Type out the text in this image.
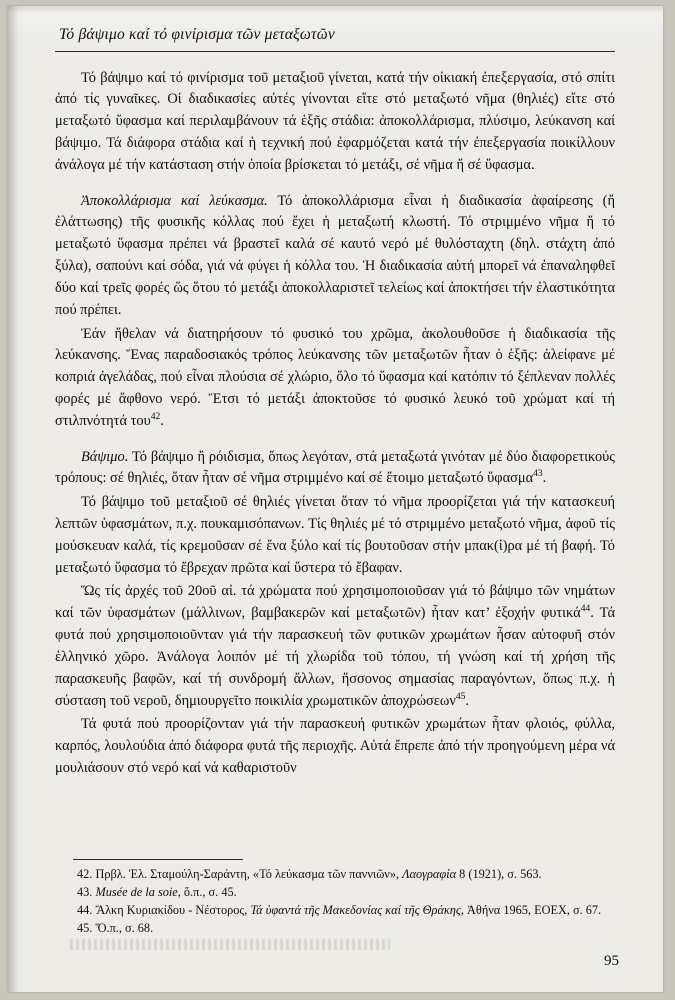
Τό βάψιμο καί τό φινίρισμα τῶν μεταξωτῶν

Τό βάψιμο καί τό φινίρισμα τοῦ μεταξιοῦ γίνεται, κατά τήν οἰκιακή ἐπεξεργασία, στό σπίτι ἀπό τίς γυναῖκες. Οἱ διαδικασίες αὐτές γίνονται εἴτε στό μεταξωτό νῆμα (θηλιές) εἴτε στό μεταξωτό ὕφασμα καί περιλαμβάνουν τά ἑξῆς στάδια: ἀποκολλάρισμα, πλύσιμο, λεύκανση καί βάψιμο. Τά διάφορα στάδια καί ἡ τεχνική πού ἐφαρμόζεται κατά τήν ἐπεξεργασία ποικίλλουν ἀνάλογα μέ τήν κατάσταση στήν ὁποία βρίσκεται τό μετάξι, σέ νῆμα ἤ σέ ὕφασμα.

Ἀποκολλάρισμα καί λεύκασμα. Τό ἀποκολλάρισμα εἶναι ἡ διαδικασία ἀφαίρεσης (ἤ ἐλάττωσης) τῆς φυσικῆς κόλλας πού ἔχει ἡ μεταξωτή κλωστή. Τό στριμμένο νῆμα ἤ τό μεταξωτό ὕφασμα πρέπει νά βραστεῖ καλά σέ καυτό νερό μέ θυλόσταχτη (δηλ. στάχτη ἀπό ξύλα), σαπούνι καί σόδα, γιά νά φύγει ἡ κόλλα του. Ἡ διαδικασία αὐτή μπορεῖ νά ἐπαναληφθεῖ δύο καί τρεῖς φορές ὥς ὅτου τό μετάξι ἀποκολλαριστεῖ τελείως καί ἀποκτήσει τήν ἐλαστικότητα πού πρέπει.

Ἐάν ἤθελαν νά διατηρήσουν τό φυσικό του χρῶμα, ἀκολουθοῦσε ἡ διαδικασία τῆς λεύκανσης. Ἕνας παραδοσιακός τρόπος λεύκανσης τῶν μεταξωτῶν ἦταν ὁ ἑξῆς: ἀλείφανε μέ κοπριά ἀγελάδας, πού εἶναι πλούσια σέ χλώριο, ὅλο τό ὕφασμα καί κατόπιν τό ξέπλεναν πολλές φορές μέ ἄφθονο νερό. Ἔτσι τό μετάξι ἀποκτοῦσε τό φυσικό λευκό τοῦ χρώματ καί τή στιλπνότητά του$^{42}$.

Βάψιμο. Τό βάψιμο ἤ ρόιδισμα, ὅπως λεγόταν, στά μεταξωτά γινόταν μέ δύο διαφορετικούς τρόπους: σέ θηλιές, ὅταν ἦταν σέ νῆμα στριμμένο καί σέ ἕτοιμο μεταξωτό ὕφασμα$^{43}$.

Τό βάψιμο τοῦ μεταξιοῦ σέ θηλιές γίνεται ὅταν τό νῆμα προορίζεται γιά τήν κατασκευή λεπτῶν ὑφασμάτων, π.χ. πουκαμισόπανων. Τίς θηλιές μέ τό στριμμένο μεταξωτό νῆμα, ἀφοῦ τίς μούσκευαν καλά, τίς κρεμοῦσαν σέ ἕνα ξύλο καί τίς βουτοῦσαν στήν μπακ(ἱ)ρα μέ τή βαφή. Τό μεταξωτό ὕφασμα τό ἔβρεχαν πρῶτα καί ὕστερα τό ἔβαφαν.

Ὥς τίς ἀρχές τοῦ 20οῦ αἰ. τά χρώματα πού χρησιμοποιοῦσαν γιά τό βάψιμο τῶν νημάτων καί τῶν ὑφασμάτων (μάλλινων, βαμβακερῶν καί μεταξωτῶν) ἦταν κατ’ ἐξοχήν φυτικά$^{44}$. Τά φυτά πού χρησιμοποιοῦνταν γιά τήν παρασκευή τῶν φυτικῶν χρωμάτων ἦσαν αὐτοφυῆ στόν ἑλληνικό χῶρο. Ἀνάλογα λοιπόν μέ τή χλωρίδα τοῦ τόπου, τή γνώση καί τή χρήση τῆς παρασκευῆς βαφῶν, καί τή συνδρομή ἄλλων, ἥσσονος σημασίας παραγόντων, ὅπως π.χ. ἡ σύσταση τοῦ νεροῦ, δημιουργεῖτο ποικιλία χρωματικῶν ἀποχρώσεων$^{45}$.

Τά φυτά πού προορίζονταν γιά τήν παρασκευή φυτικῶν χρωμάτων ἦταν φλοιός, φύλλα, καρπός, λουλούδια ἀπό διάφορα φυτά τῆς περιοχῆς. Αὐτά ἔπρεπε ἀπό τήν προηγούμενη μέρα νά μουλιάσουν στό νερό καί νά καθαριστοῦν

42. Πρβλ. Ἐλ. Σταμούλη-Σαράντη, «Τό λεύκασμα τῶν παννιῶν», Λαογραφία 8 (1921), σ. 563.

43. Musée de la soie, ὅ.π., σ. 45.

44. Ἄλκη Κυριακίδου - Νέστορος, Τά ὑφαντά τῆς Μακεδονίας καί τῆς Θράκης, Ἀθήνα 1965, ΕΟΕΧ, σ. 67.

45. Ὅ.π., σ. 68.

95
